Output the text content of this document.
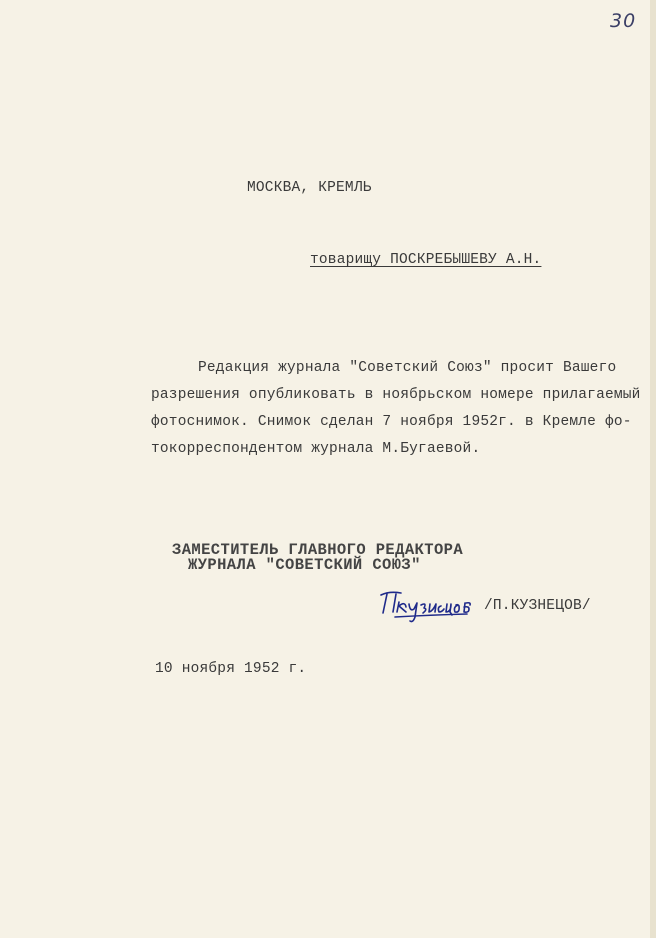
30
МОСКВА, КРЕМЛЬ
товарищу ПОСКРЕБЫШЕВУ А.Н.
Редакция журнала "Советский Союз" просит Вашего
разрешения опубликовать в ноябрьском номере прилагаемый
фотоснимок. Снимок сделан 7 ноября 1952г. в Кремле фо-
токорреспондентом журнала М.Бугаевой.
ЗАМЕСТИТЕЛЬ ГЛАВНОГО РЕДАКТОРА
ЖУРНАЛА "СОВЕТСКИЙ СОЮЗ"
/П.КУЗНЕЦОВ/
10 ноября 1952 г.
